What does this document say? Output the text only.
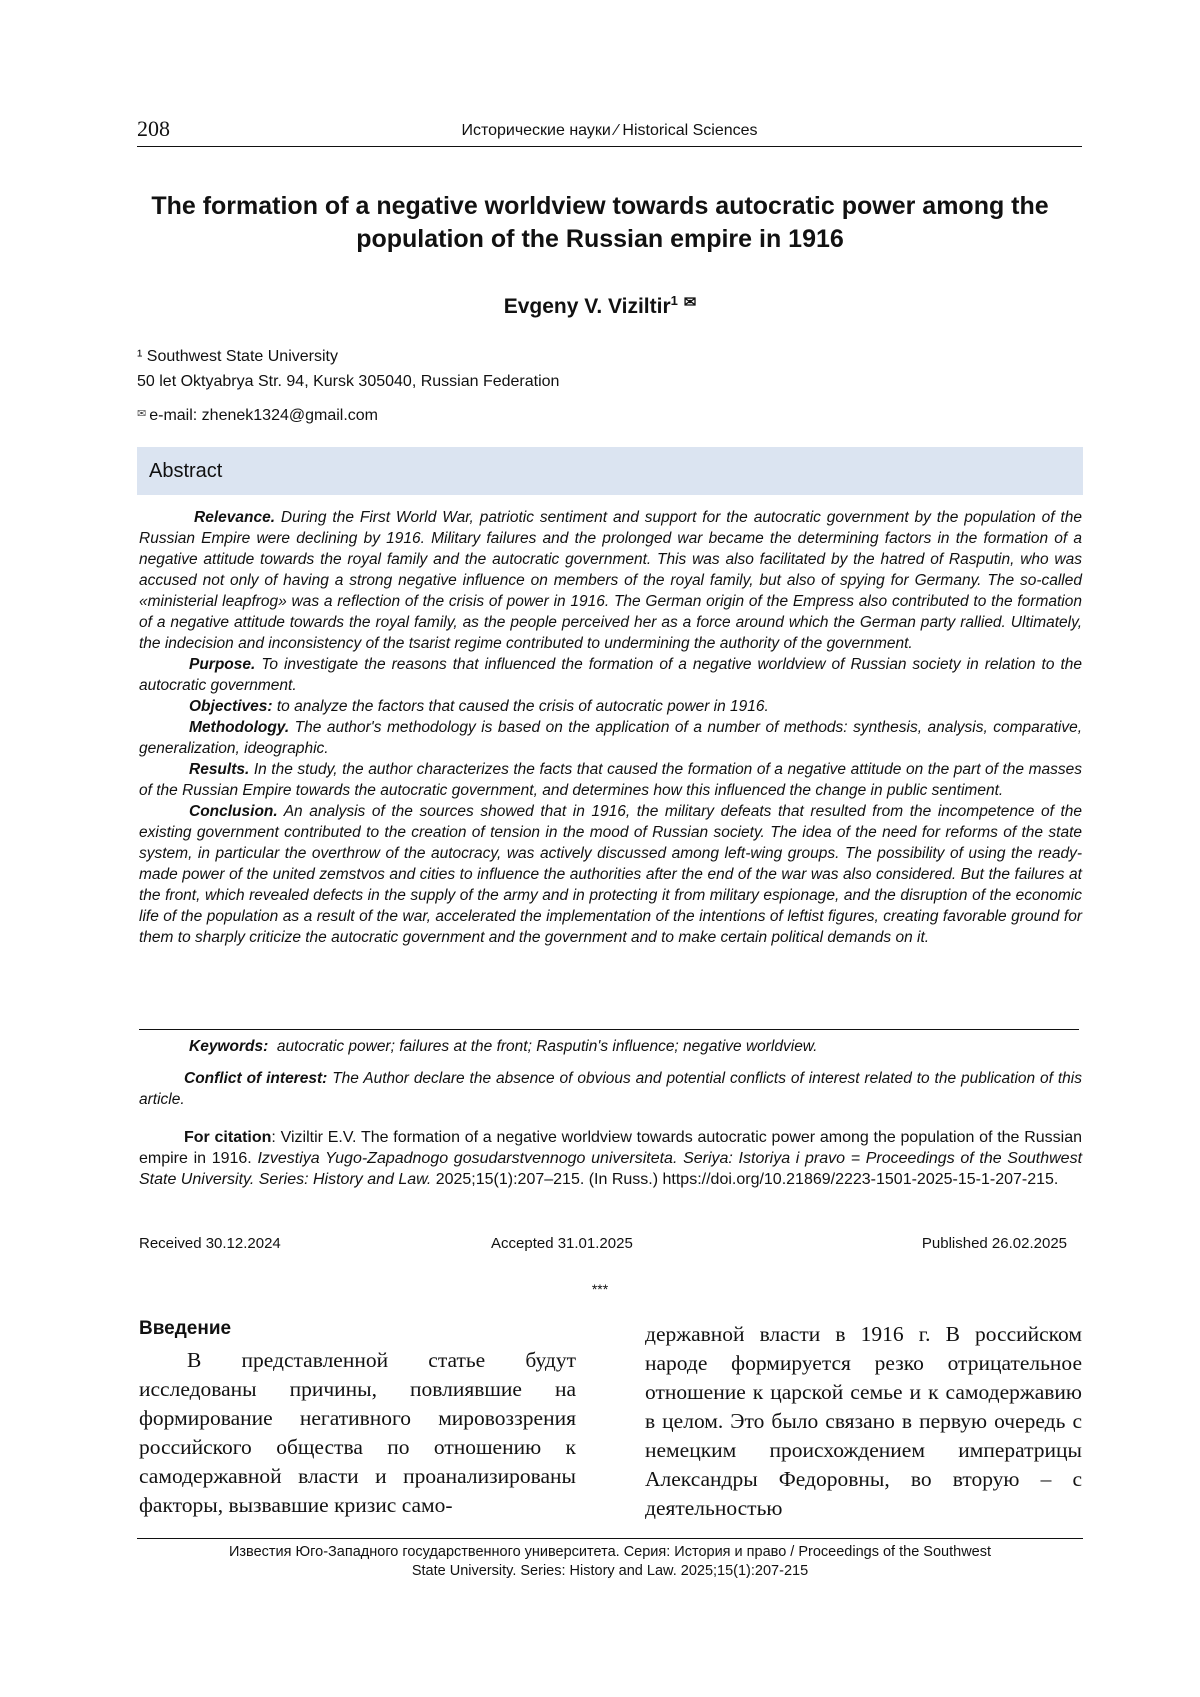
208	Исторические науки ⁄ Historical Sciences
The formation of a negative worldview towards autocratic power among the population of the Russian empire in 1916
Evgeny V. Viziltir$^1$ ✉
¹ Southwest State University
50 let Oktyabrya Str. 94, Kursk 305040, Russian Federation
✉ e-mail: zhenek1324@gmail.com
Abstract

Relevance. During the First World War, patriotic sentiment and support for the autocratic government by the population of the Russian Empire were declining by 1916. Military failures and the prolonged war became the determining factors in the formation of a negative attitude towards the royal family and the autocratic government. This was also facilitated by the hatred of Rasputin, who was accused not only of having a strong negative influence on members of the royal family, but also of spying for Germany. The so-called «ministerial leapfrog» was a reflection of the crisis of power in 1916. The German origin of the Empress also contributed to the formation of a negative attitude towards the royal family, as the people perceived her as a force around which the German party rallied. Ultimately, the indecision and inconsistency of the tsarist regime contributed to undermining the authority of the government.

Purpose. To investigate the reasons that influenced the formation of a negative worldview of Russian society in relation to the autocratic government.

Objectives: to analyze the factors that caused the crisis of autocratic power in 1916.

Methodology. The author's methodology is based on the application of a number of methods: synthesis, analysis, comparative, generalization, ideographic.

Results. In the study, the author characterizes the facts that caused the formation of a negative attitude on the part of the masses of the Russian Empire towards the autocratic government, and determines how this influenced the change in public sentiment.

Conclusion. An analysis of the sources showed that in 1916, the military defeats that resulted from the incompetence of the existing government contributed to the creation of tension in the mood of Russian society. The idea of the need for reforms of the state system, in particular the overthrow of the autocracy, was actively discussed among left-wing groups. The possibility of using the ready-made power of the united zemstvos and cities to influence the authorities after the end of the war was also considered. But the failures at the front, which revealed defects in the supply of the army and in protecting it from military espionage, and the disruption of the economic life of the population as a result of the war, accelerated the implementation of the intentions of leftist figures, creating favorable ground for them to sharply criticize the autocratic government and the government and to make certain political demands on it.

Keywords: autocratic power; failures at the front; Rasputin's influence; negative worldview.
Conflict of interest: The Author declare the absence of obvious and potential conflicts of interest related to the publication of this article.
For citation: Viziltir E.V. The formation of a negative worldview towards autocratic power among the population of the Russian empire in 1916. Izvestiya Yugo-Zapadnogo gosudarstvennogo universiteta. Seriya: Istoriya i pravo = Proceedings of the Southwest State University. Series: History and Law. 2025;15(1):207–215. (In Russ.) https://doi.org/10.21869/2223-1501-2025-15-1-207-215.
Received 30.12.2024	Accepted 31.01.2025	Published 26.02.2025
***
Введение

В представленной статье будут исследованы причины, повлиявшие на формирование негативного мировоззрения российского общества по отношению к самодержавной власти и проанализированы факторы, вызвавшие кризис само-

державной власти в 1916 г. В российском народе формируется резко отрицательное отношение к царской семье и к самодержавию в целом. Это было связано в первую очередь с немецким происхождением императрицы Александры Федоровны, во вторую – с деятельностью

Известия Юго-Западного государственного университета. Серия: История и право / Proceedings of the Southwest
State University. Series: History and Law. 2025;15(1):207-215
